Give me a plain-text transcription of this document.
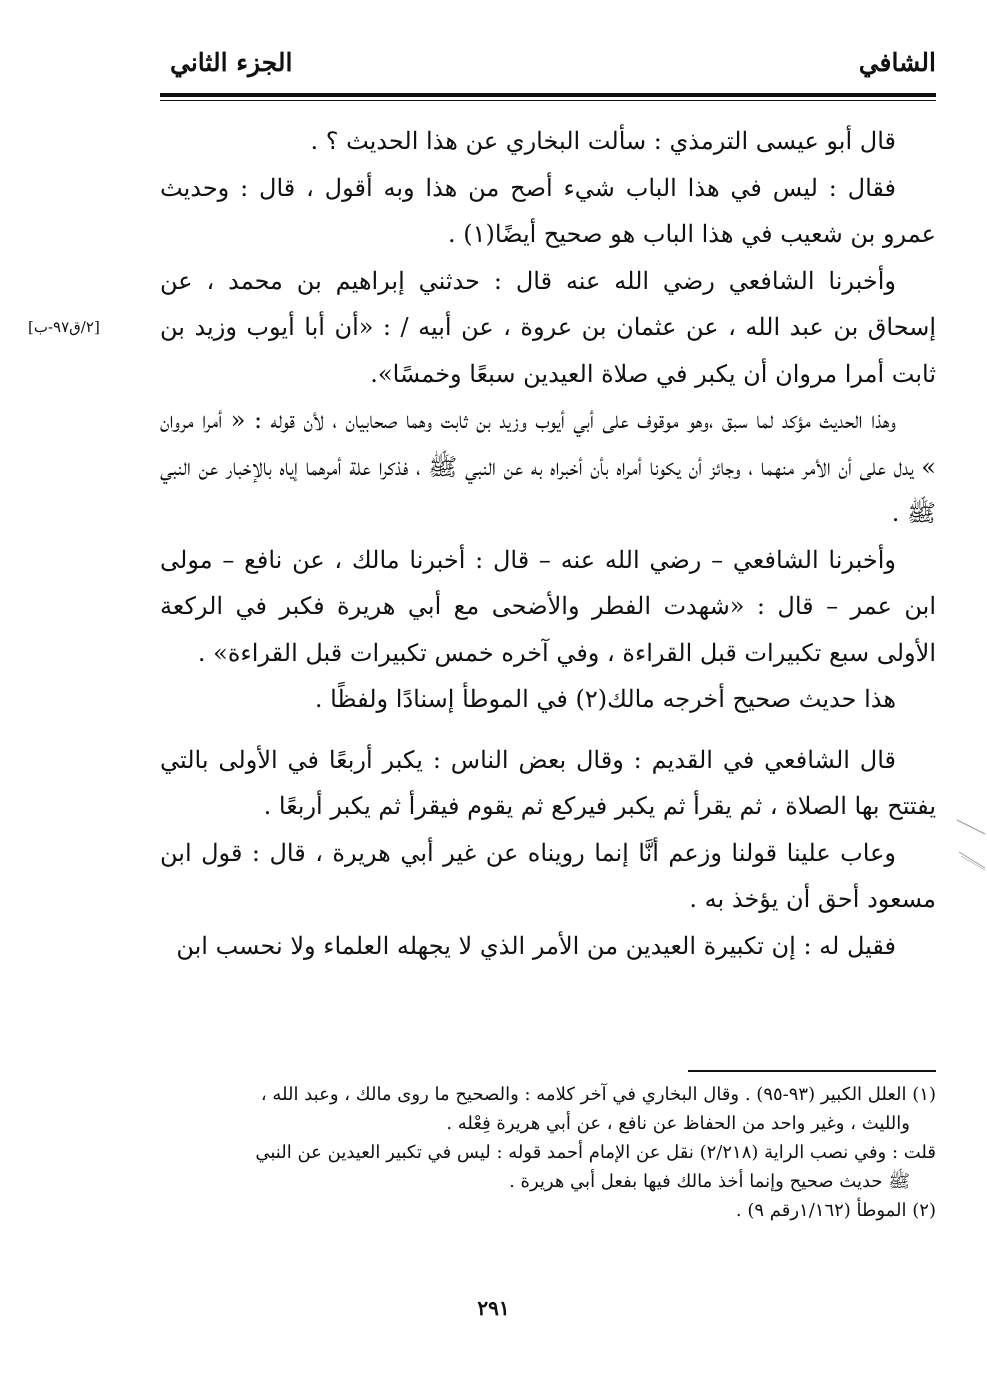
الشافي
الجزء الثاني
[٢/ق٩٧-ب]

قال أبو عيسى الترمذي : سألت البخاري عن هذا الحديث ؟ .

فقال : ليس في هذا الباب شيء أصح من هذا وبه أقول ، قال : وحديث عمرو بن شعيب في هذا الباب هو صحيح أيضًا(١) .

وأخبرنا الشافعي رضي الله عنه قال : حدثني إبراهيم بن محمد ، عن إسحاق بن عبد الله ، عن عثمان بن عروة ، عن أبيه / : «أن أبا أيوب وزيد بن ثابت أمرا مروان أن يكبر في صلاة العيدين سبعًا وخمسًا».

وهذا الحديث مؤكد لما سبق ،وهو موقوف على أبي أيوب وزيد بن ثابت وهما صحابيان ، لأن قوله : « أمرا مروان » يدل على أن الأمر منهما ، وجائز أن يكونا أمراه بأن أخبراه به عن النبي ﷺ ، فذكرا علة أمرهما إياه بالإخبار عن النبي ﷺ .

وأخبرنا الشافعي – رضي الله عنه – قال : أخبرنا مالك ، عن نافع – مولى ابن عمر – قال : «شهدت الفطر والأضحى مع أبي هريرة فكبر في الركعة الأولى سبع تكبيرات قبل القراءة ، وفي آخره خمس تكبيرات قبل القراءة» .

هذا حديث صحيح أخرجه مالك(٢) في الموطأ إسنادًا ولفظًا .

قال الشافعي في القديم : وقال بعض الناس : يكبر أربعًا في الأولى بالتي يفتتح بها الصلاة ، ثم يقرأ ثم يكبر فيركع ثم يقوم فيقرأ ثم يكبر أربعًا .

وعاب علينا قولنا وزعم أنَّا إنما رويناه عن غير أبي هريرة ، قال : قول ابن مسعود أحق أن يؤخذ به .

فقيل له : إن تكبيرة العيدين من الأمر الذي لا يجهله العلماء ولا نحسب ابن

(١) العلل الكبير (٩٣-٩٥) . وقال البخاري في آخر كلامه : والصحيح ما روى مالك ، وعبد الله ،

والليث ، وغير واحد من الحفاظ عن نافع ، عن أبي هريرة فِعْله .

قلت : وفي نصب الراية (٢/٢١٨) نقل عن الإمام أحمد قوله : ليس في تكبير العيدين عن النبي

ﷺ حديث صحيح وإنما أخذ مالك فيها بفعل أبي هريرة .

(٢) الموطأ (١/١٦٢رقم ٩) .

٢٩١
